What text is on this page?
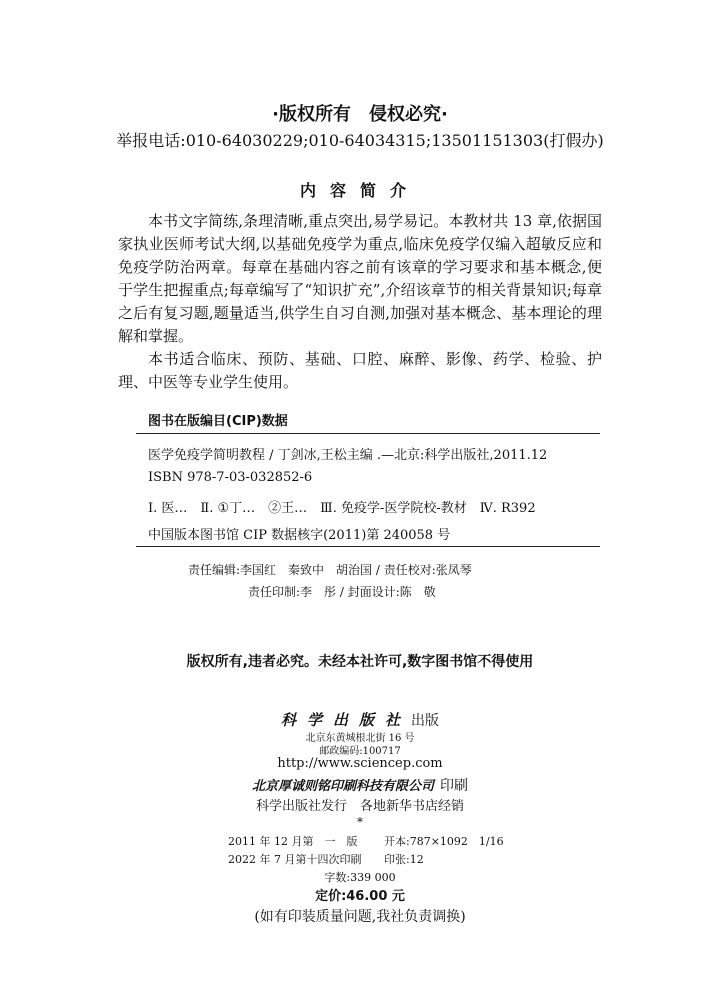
·版权所有　侵权必究·
举报电话:010-64030229;010-64034315;13501151303(打假办)
内容简介

本书文字简练,条理清晰,重点突出,易学易记。本教材共 13 章,依据国家执业医师考试大纲,以基础免疫学为重点,临床免疫学仅编入超敏反应和免疫学防治两章。每章在基础内容之前有该章的学习要求和基本概念,便于学生把握重点;每章编写了“知识扩充”,介绍该章节的相关背景知识;每章之后有复习题,题量适当,供学生自习自测,加强对基本概念、基本理论的理解和掌握。

本书适合临床、预防、基础、口腔、麻醉、影像、药学、检验、护理、中医等专业学生使用。

图书在版编目(CIP)数据
医学免疫学简明教程 / 丁剑冰,王松主编 .—北京:科学出版社,2011.12
ISBN 978-7-03-032852-6
Ⅰ. 医…　Ⅱ. ①丁…　②王…　Ⅲ. 免疫学-医学院校-教材　Ⅳ. R392
中国版本图书馆 CIP 数据核字(2011)第 240058 号
责任编辑:李国红　秦致中　胡治国 / 责任校对:张凤琴
责任印制:李　彤 / 封面设计:陈　敬
版权所有,违者必究。未经本社许可,数字图书馆不得使用
科学出版社出版
北京东黄城根北街 16 号
邮政编码:100717
http://www.sciencep.com
北京厚诚则铭印刷科技有限公司 印刷
科学出版社发行　各地新华书店经销
*
2011 年 12 月第　一　版 开本:787×1092　1/16
2022 年 7 月第十四次印刷 印张:12
字数:339 000
定价:46.00 元
(如有印装质量问题,我社负责调换)
